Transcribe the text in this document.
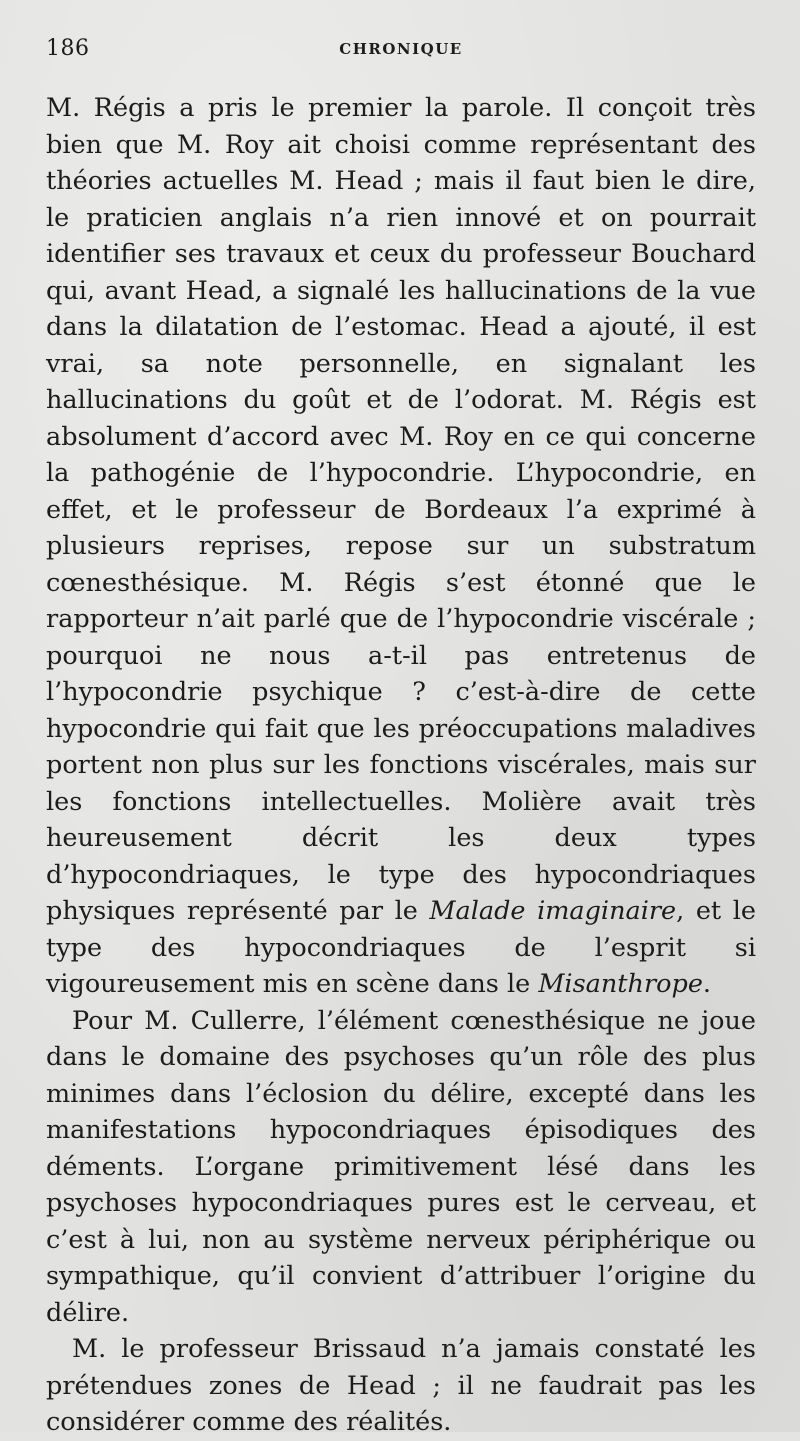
186	CHRONIQUE

M. Régis a pris le premier la parole. Il conçoit très bien que M. Roy ait choisi comme représentant des théories actuelles M. Head ; mais il faut bien le dire, le praticien anglais n’a rien innové et on pourrait identifier ses travaux et ceux du professeur Bouchard qui, avant Head, a signalé les hallucinations de la vue dans la dilatation de l’estomac. Head a ajouté, il est vrai, sa note personnelle, en signalant les hallucinations du goût et de l’odorat. M. Régis est absolument d’accord avec M. Roy en ce qui concerne la pathogénie de l’hypocondrie. L’hypocondrie, en effet, et le professeur de Bordeaux l’a exprimé à plusieurs reprises, repose sur un substratum cœnesthésique. M. Régis s’est étonné que le rapporteur n’ait parlé que de l’hypocondrie viscérale ; pourquoi ne nous a-t-il pas entretenus de l’hypocondrie psychique ? c’est-à-dire de cette hypocondrie qui fait que les préoccupations maladives portent non plus sur les fonctions viscérales, mais sur les fonctions intellectuelles. Molière avait très heureusement décrit les deux types d’hypocondriaques, le type des hypocondriaques physiques représenté par le Malade imaginaire, et le type des hypocondriaques de l’esprit si vigoureusement mis en scène dans le Misanthrope.

Pour M. Cullerre, l’élément cœnesthésique ne joue dans le domaine des psychoses qu’un rôle des plus minimes dans l’éclosion du délire, excepté dans les manifestations hypocondriaques épisodiques des déments. L’organe primitivement lésé dans les psychoses hypocondriaques pures est le cerveau, et c’est à lui, non au système nerveux périphérique ou sympathique, qu’il convient d’attribuer l’origine du délire.

M. le professeur Brissaud n’a jamais constaté les prétendues zones de Head ; il ne faudrait pas les considérer comme des réalités.
